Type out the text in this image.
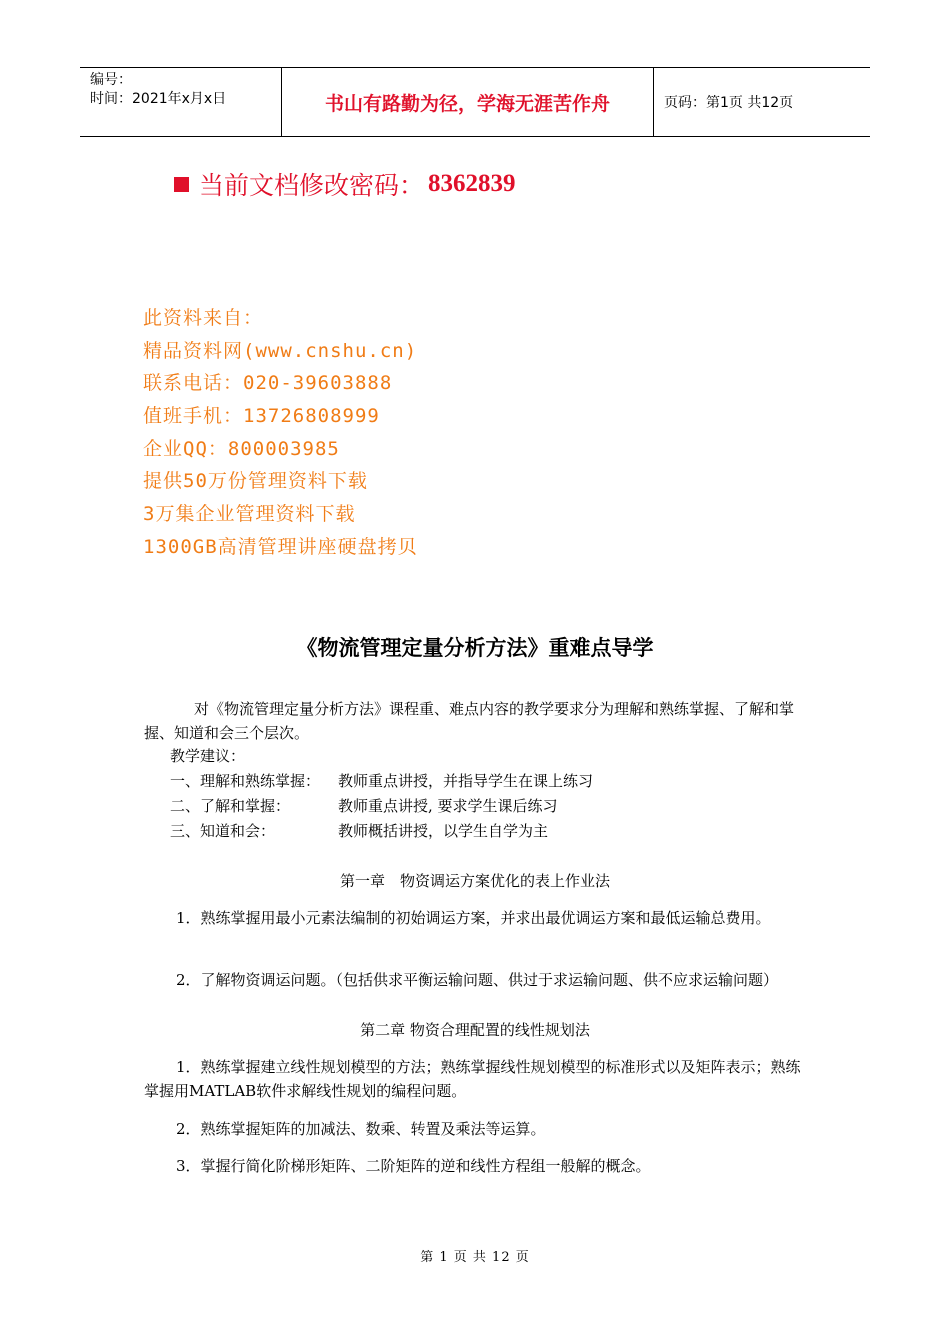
编号：
时间：2021年x月x日	书山有路勤为径，学海无涯苦作舟	页码：第1页 共12页
当前文档修改密码： 8362839
此资料来自：
精品资料网(www.cnshu.cn)
联系电话：020-39603888
值班手机：13726808999
企业QQ：800003985
提供50万份管理资料下载
3万集企业管理资料下载
1300GB高清管理讲座硬盘拷贝
《物流管理定量分析方法》重难点导学
对《物流管理定量分析方法》课程重、难点内容的教学要求分为理解和熟练掌握、了解和掌握、知道和会三个层次。
教学建议：
一、理解和熟练掌握： 教师重点讲授，并指导学生在课上练习
二、了解和掌握：	教师重点讲授, 要求学生课后练习
三、知道和会：	教师概括讲授，以学生自学为主
第一章　物资调运方案优化的表上作业法
1．熟练掌握用最小元素法编制的初始调运方案，并求出最优调运方案和最低运输总费用。
2．了解物资调运问题。（包括供求平衡运输问题、供过于求运输问题、供不应求运输问题）
第二章 物资合理配置的线性规划法
1．熟练掌握建立线性规划模型的方法；熟练掌握线性规划模型的标准形式以及矩阵表示；熟练掌握用MATLAB软件求解线性规划的编程问题。
2．熟练掌握矩阵的加减法、数乘、转置及乘法等运算。
3．掌握行简化阶梯形矩阵、二阶矩阵的逆和线性方程组一般解的概念。
第 1 页 共 12 页
